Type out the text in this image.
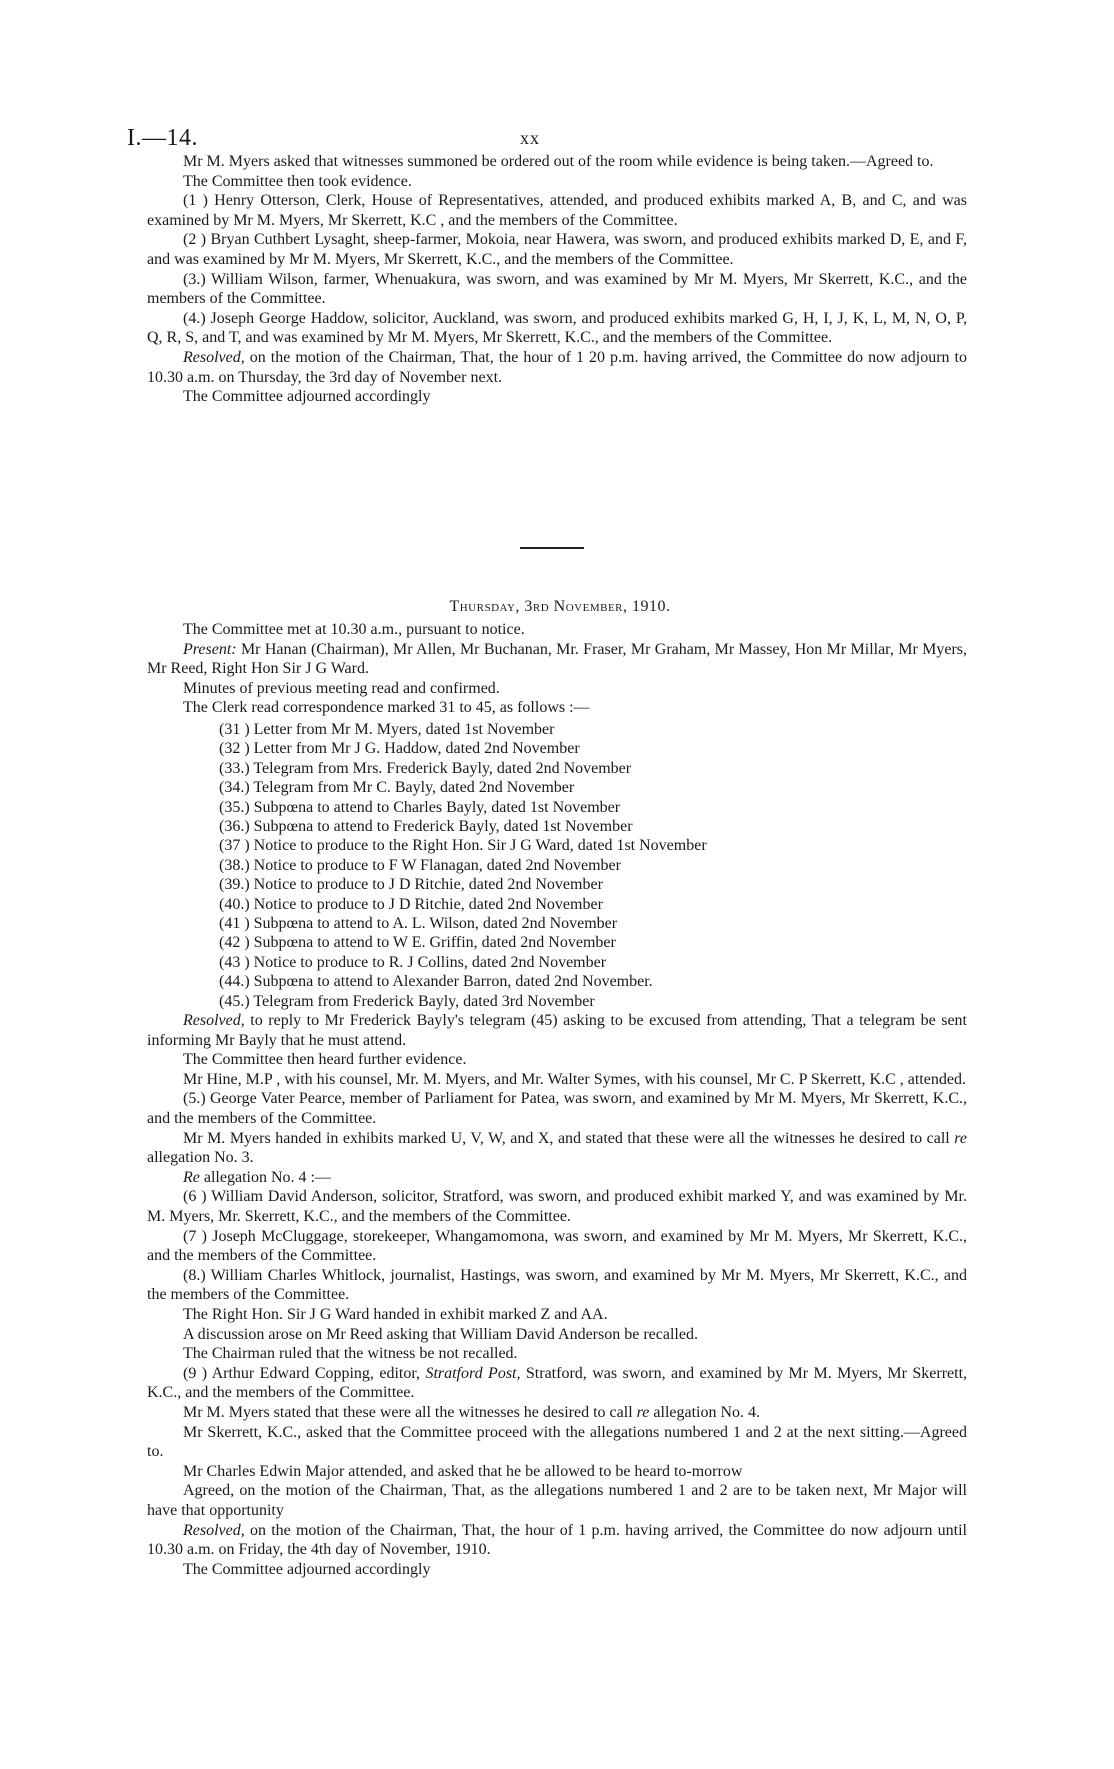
I.—14.	xx

Mr M. Myers asked that witnesses summoned be ordered out of the room while evidence is being taken.—Agreed to.

The Committee then took evidence.

(1 ) Henry Otterson, Clerk, House of Representatives, attended, and produced exhibits marked A, B, and C, and was examined by Mr M. Myers, Mr Skerrett, K.C , and the members of the Committee.

(2 ) Bryan Cuthbert Lysaght, sheep-farmer, Mokoia, near Hawera, was sworn, and produced exhibits marked D, E, and F, and was examined by Mr M. Myers, Mr Skerrett, K.C., and the members of the Committee.

(3.) William Wilson, farmer, Whenuakura, was sworn, and was examined by Mr M. Myers, Mr Skerrett, K.C., and the members of the Committee.

(4.) Joseph George Haddow, solicitor, Auckland, was sworn, and produced exhibits marked G, H, I, J, K, L, M, N, O, P, Q, R, S, and T, and was examined by Mr M. Myers, Mr Skerrett, K.C., and the members of the Committee.

Resolved, on the motion of the Chairman, That, the hour of 1 20 p.m. having arrived, the Committee do now adjourn to 10.30 a.m. on Thursday, the 3rd day of November next.

The Committee adjourned accordingly

Thursday, 3rd November, 1910.

The Committee met at 10.30 a.m., pursuant to notice.

Present: Mr Hanan (Chairman), Mr Allen, Mr Buchanan, Mr. Fraser, Mr Graham, Mr Massey, Hon Mr Millar, Mr Myers, Mr Reed, Right Hon Sir J G Ward.

Minutes of previous meeting read and confirmed.

The Clerk read correspondence marked 31 to 45, as follows :—

(31 ) Letter from Mr M. Myers, dated 1st November
(32 ) Letter from Mr J G. Haddow, dated 2nd November
(33.) Telegram from Mrs. Frederick Bayly, dated 2nd November
(34.) Telegram from Mr C. Bayly, dated 2nd November
(35.) Subpœna to attend to Charles Bayly, dated 1st November
(36.) Subpœna to attend to Frederick Bayly, dated 1st November
(37 ) Notice to produce to the Right Hon. Sir J G Ward, dated 1st November
(38.) Notice to produce to F W Flanagan, dated 2nd November
(39.) Notice to produce to J D Ritchie, dated 2nd November
(40.) Notice to produce to J D Ritchie, dated 2nd November
(41 ) Subpœna to attend to A. L. Wilson, dated 2nd November
(42 ) Subpœna to attend to W E. Griffin, dated 2nd November
(43 ) Notice to produce to R. J Collins, dated 2nd November
(44.) Subpœna to attend to Alexander Barron, dated 2nd November.
(45.) Telegram from Frederick Bayly, dated 3rd November

Resolved, to reply to Mr Frederick Bayly's telegram (45) asking to be excused from attending, That a telegram be sent informing Mr Bayly that he must attend.

The Committee then heard further evidence.

Mr Hine, M.P , with his counsel, Mr. M. Myers, and Mr. Walter Symes, with his counsel, Mr C. P Skerrett, K.C , attended.

(5.) George Vater Pearce, member of Parliament for Patea, was sworn, and examined by Mr M. Myers, Mr Skerrett, K.C., and the members of the Committee.

Mr M. Myers handed in exhibits marked U, V, W, and X, and stated that these were all the witnesses he desired to call re allegation No. 3.

Re allegation No. 4 :—

(6 ) William David Anderson, solicitor, Stratford, was sworn, and produced exhibit marked Y, and was examined by Mr. M. Myers, Mr. Skerrett, K.C., and the members of the Committee.

(7 ) Joseph McCluggage, storekeeper, Whangamomona, was sworn, and examined by Mr M. Myers, Mr Skerrett, K.C., and the members of the Committee.

(8.) William Charles Whitlock, journalist, Hastings, was sworn, and examined by Mr M. Myers, Mr Skerrett, K.C., and the members of the Committee.

The Right Hon. Sir J G Ward handed in exhibit marked Z and AA.

A discussion arose on Mr Reed asking that William David Anderson be recalled.

The Chairman ruled that the witness be not recalled.

(9 ) Arthur Edward Copping, editor, Stratford Post, Stratford, was sworn, and examined by Mr M. Myers, Mr Skerrett, K.C., and the members of the Committee.

Mr M. Myers stated that these were all the witnesses he desired to call re allegation No. 4.

Mr Skerrett, K.C., asked that the Committee proceed with the allegations numbered 1 and 2 at the next sitting.—Agreed to.

Mr Charles Edwin Major attended, and asked that he be allowed to be heard to-morrow

Agreed, on the motion of the Chairman, That, as the allegations numbered 1 and 2 are to be taken next, Mr Major will have that opportunity

Resolved, on the motion of the Chairman, That, the hour of 1 p.m. having arrived, the Committee do now adjourn until 10.30 a.m. on Friday, the 4th day of November, 1910.

The Committee adjourned accordingly
